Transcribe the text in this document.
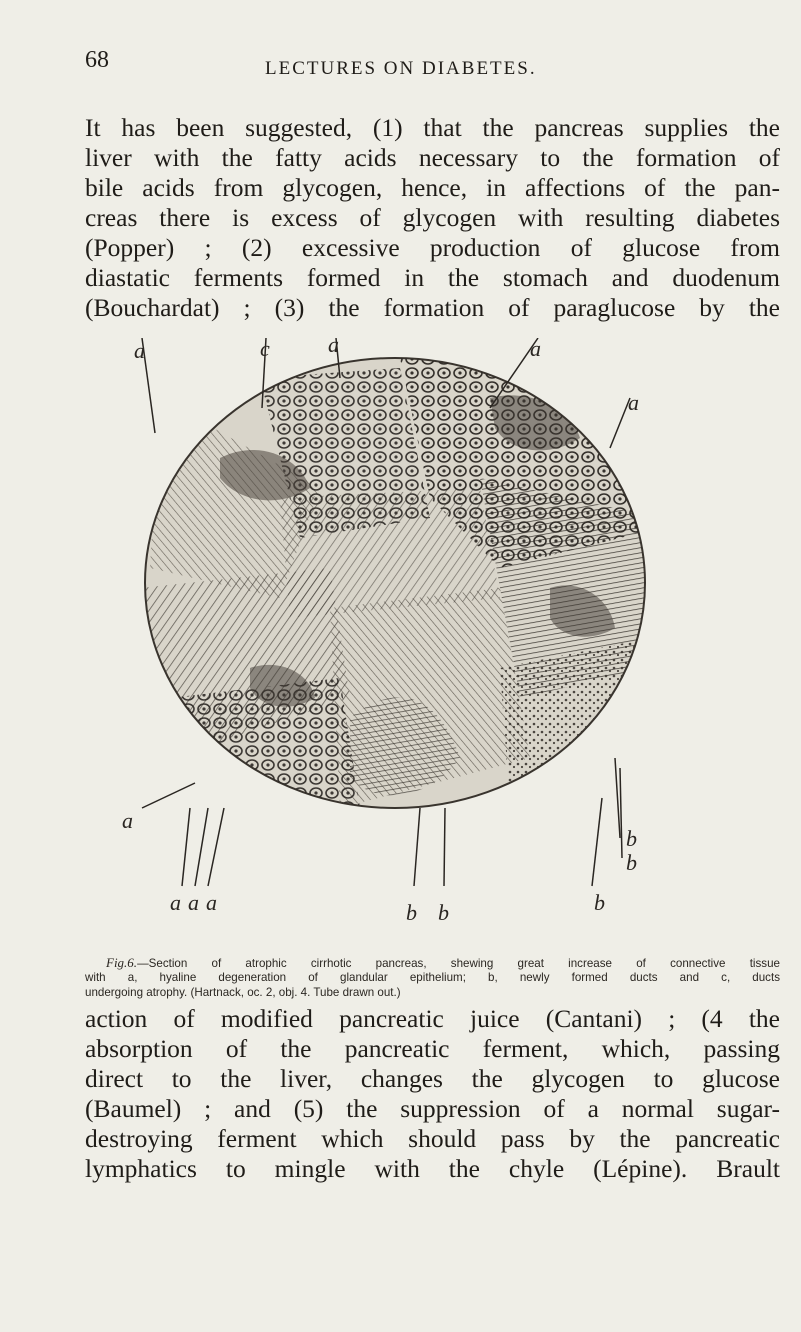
68	LECTURES ON DIABETES.
It has been suggested, (1) that the pancreas supplies the
liver with the fatty acids necessary to the formation of
bile acids from glycogen, hence, in affections of the pan-
creas there is excess of glycogen with resulting diabetes
(Popper) ; (2) excessive production of glucose from
diastatic ferments formed in the stomach and duodenum
(Bouchardat) ; (3) the formation of paraglucose by the
a	c	a	a
a
a
a a a	b b	b
b
b
Fig.6.—Section of atrophic cirrhotic pancreas, shewing great increase of connective tissue
with a, hyaline degeneration of glandular epithelium; b, newly formed ducts and c, ducts
undergoing atrophy. (Hartnack, oc. 2, obj. 4. Tube drawn out.)
action of modified pancreatic juice (Cantani) ; (4 the
absorption of the pancreatic ferment, which, passing
direct to the liver, changes the glycogen to glucose
(Baumel) ; and (5) the suppression of a normal sugar-
destroying ferment which should pass by the pancreatic
lymphatics to mingle with the chyle (Lépine). Brault
